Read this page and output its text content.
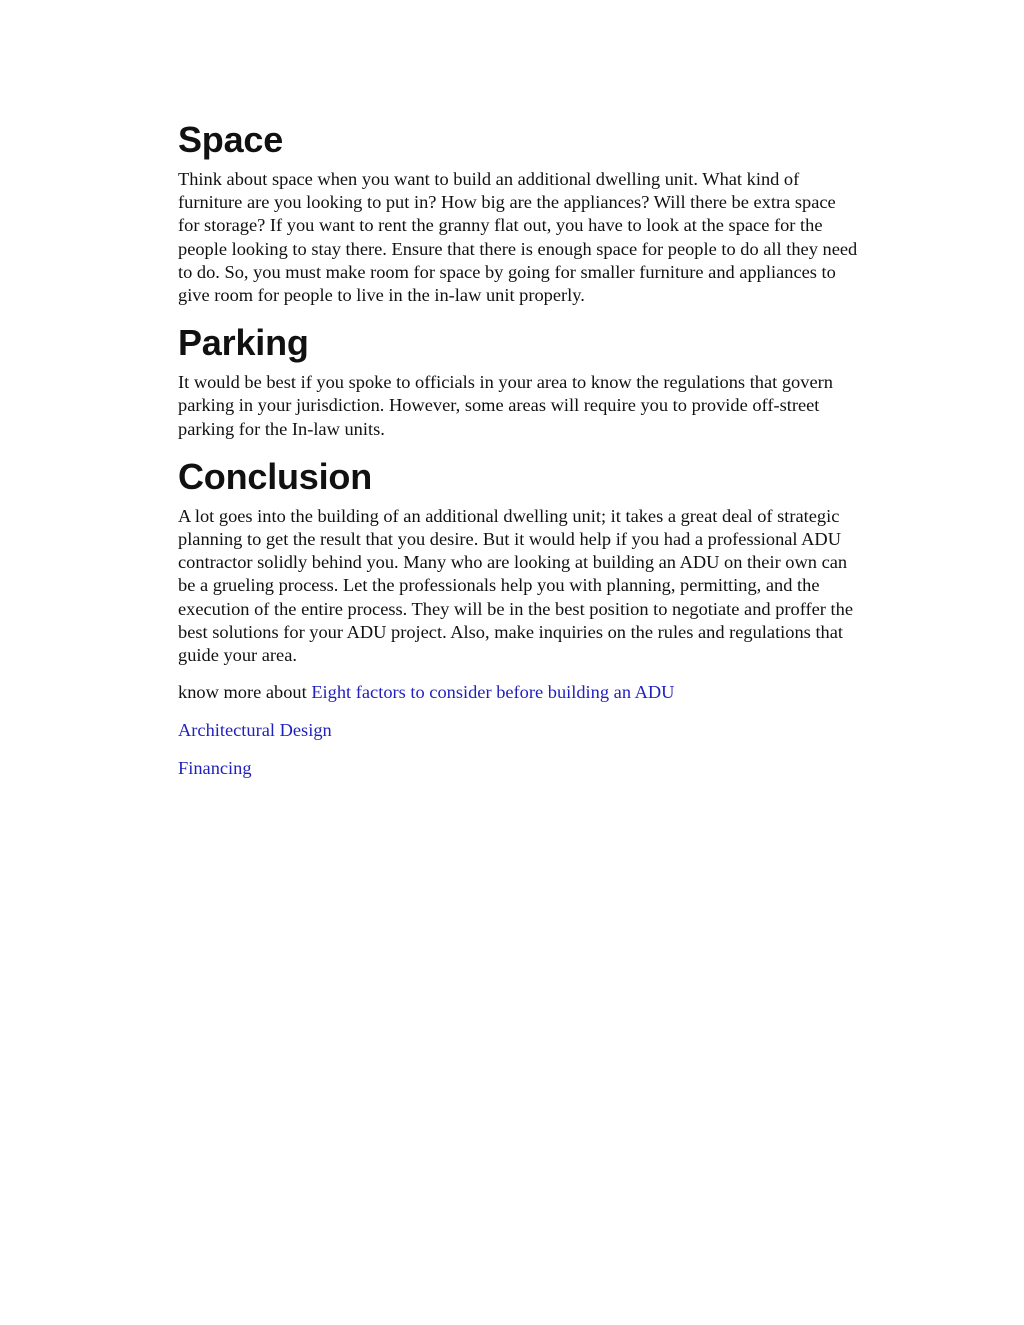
Space

Think about space when you want to build an additional dwelling unit. What kind of furniture are you looking to put in? How big are the appliances? Will there be extra space for storage? If you want to rent the granny flat out, you have to look at the space for the people looking to stay there. Ensure that there is enough space for people to do all they need to do. So, you must make room for space by going for smaller furniture and appliances to give room for people to live in the in-law unit properly.

Parking

It would be best if you spoke to officials in your area to know the regulations that govern parking in your jurisdiction. However, some areas will require you to provide off-street parking for the In-law units.

Conclusion

A lot goes into the building of an additional dwelling unit; it takes a great deal of strategic planning to get the result that you desire. But it would help if you had a professional ADU contractor solidly behind you. Many who are looking at building an ADU on their own can be a grueling process. Let the professionals help you with planning, permitting, and the execution of the entire process. They will be in the best position to negotiate and proffer the best solutions for your ADU project. Also, make inquiries on the rules and regulations that guide your area.

know more about Eight factors to consider before building an ADU

Architectural Design

Financing
